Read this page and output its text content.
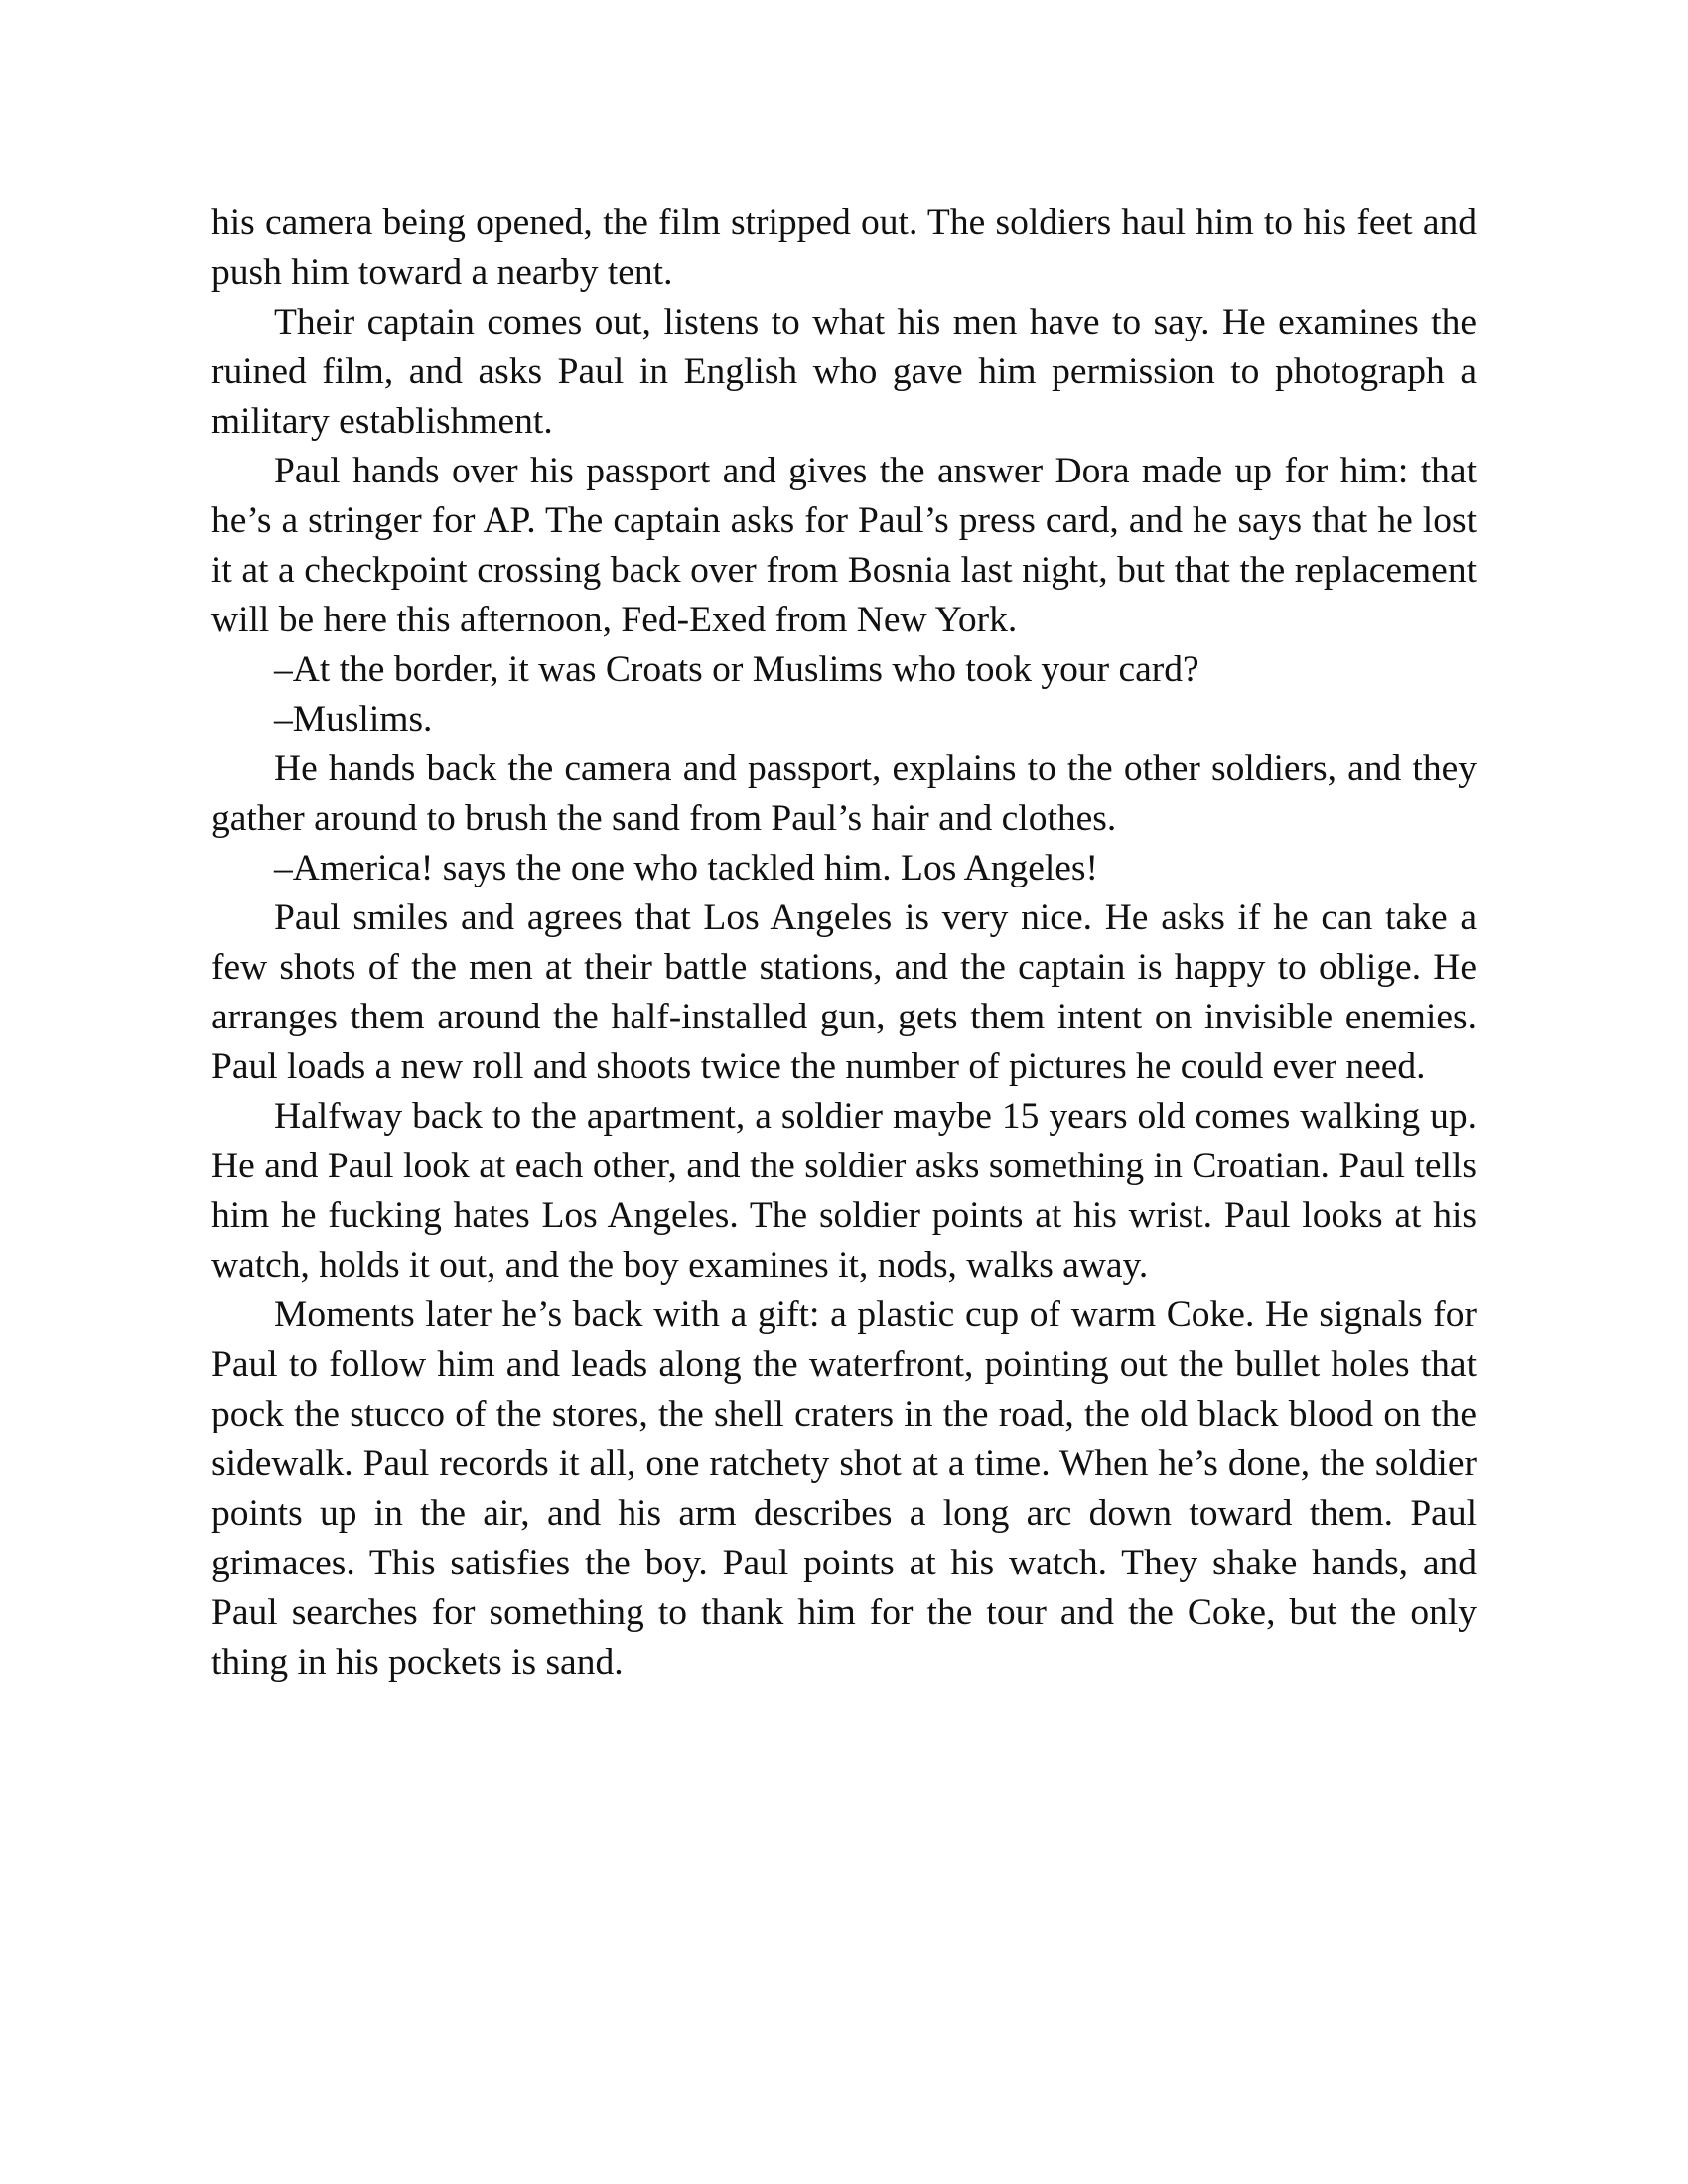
his camera being opened, the film stripped out. The soldiers haul him to his feet and push him toward a nearby tent.

Their captain comes out, listens to what his men have to say. He examines the ruined film, and asks Paul in English who gave him permission to photograph a military establishment.

Paul hands over his passport and gives the answer Dora made up for him: that he’s a stringer for AP. The captain asks for Paul’s press card, and he says that he lost it at a checkpoint crossing back over from Bosnia last night, but that the replacement will be here this afternoon, Fed-Exed from New York.

–At the border, it was Croats or Muslims who took your card?

–Muslims.

He hands back the camera and passport, explains to the other soldiers, and they gather around to brush the sand from Paul’s hair and clothes.

–America! says the one who tackled him. Los Angeles!

Paul smiles and agrees that Los Angeles is very nice. He asks if he can take a few shots of the men at their battle stations, and the captain is happy to oblige. He arranges them around the half-installed gun, gets them intent on invisible enemies. Paul loads a new roll and shoots twice the number of pictures he could ever need.

Halfway back to the apartment, a soldier maybe 15 years old comes walking up. He and Paul look at each other, and the soldier asks something in Croatian. Paul tells him he fucking hates Los Angeles. The soldier points at his wrist. Paul looks at his watch, holds it out, and the boy examines it, nods, walks away.

Moments later he’s back with a gift: a plastic cup of warm Coke. He signals for Paul to follow him and leads along the waterfront, pointing out the bullet holes that pock the stucco of the stores, the shell craters in the road, the old black blood on the sidewalk. Paul records it all, one ratchety shot at a time. When he’s done, the soldier points up in the air, and his arm describes a long arc down toward them. Paul grimaces. This satisfies the boy. Paul points at his watch. They shake hands, and Paul searches for something to thank him for the tour and the Coke, but the only thing in his pockets is sand.
